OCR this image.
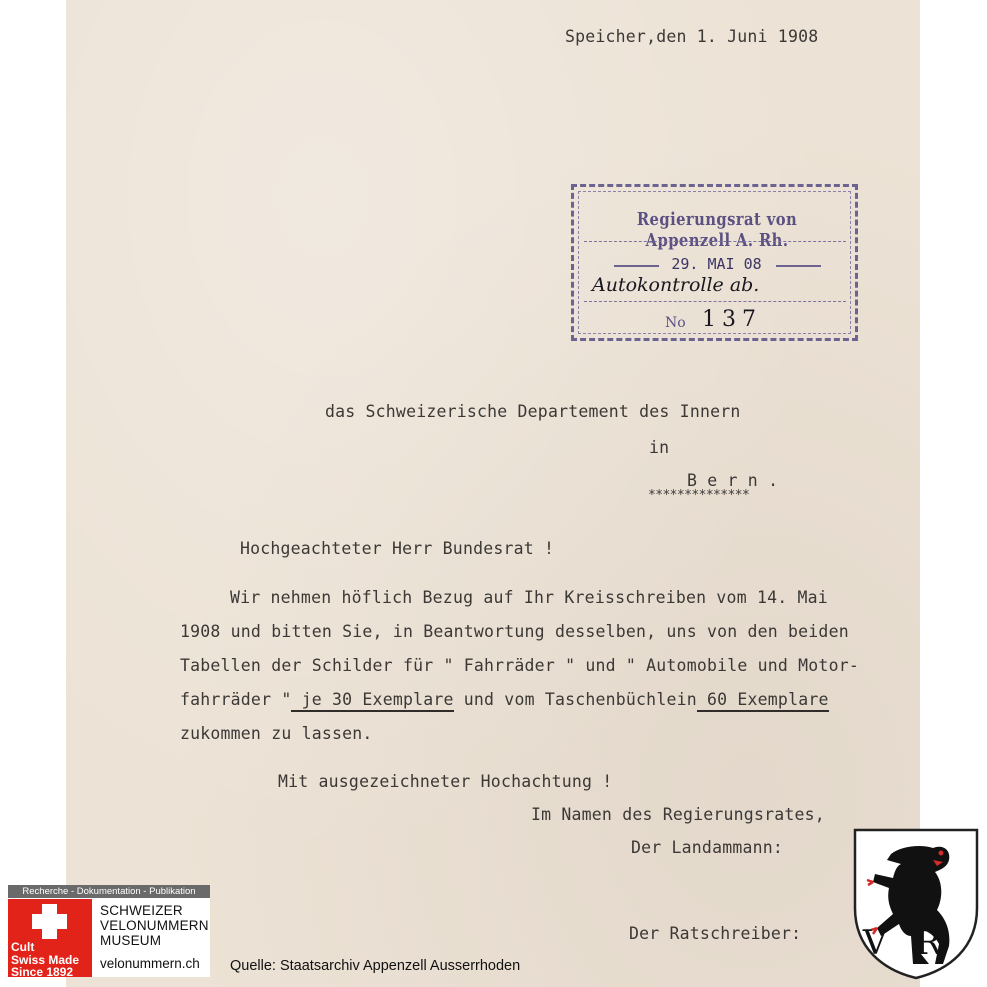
Speicher,den 1. Juni 1908
Regierungsrat von Appenzell A. Rh.
29. MAI 08
Autokontrolle ab.
No 137
das Schweizerische Departement des Innern
in
B e r n .
**************
Hochgeachteter Herr Bundesrat !
Wir nehmen höflich Bezug auf Ihr Kreisschreiben vom 14. Mai
1908 und bitten Sie, in Beantwortung desselben, uns von den beiden
Tabellen der Schilder für " Fahrräder " und " Automobile und Motor-
fahrräder " je 30 Exemplare und vom Taschenbüchlein 60 Exemplare
zukommen zu lassen.
Mit ausgezeichneter Hochachtung !
Im Namen des Regierungsrates,
Der Landammann:
Der Ratschreiber:
Recherche - Dokumentation - Publikation
Cult
Swiss Made
Since 1892
SCHWEIZER
VELONUMMERN
MUSEUM
velonummern.ch Quelle: Staatsarchiv Appenzell Ausserrhoden
VR
